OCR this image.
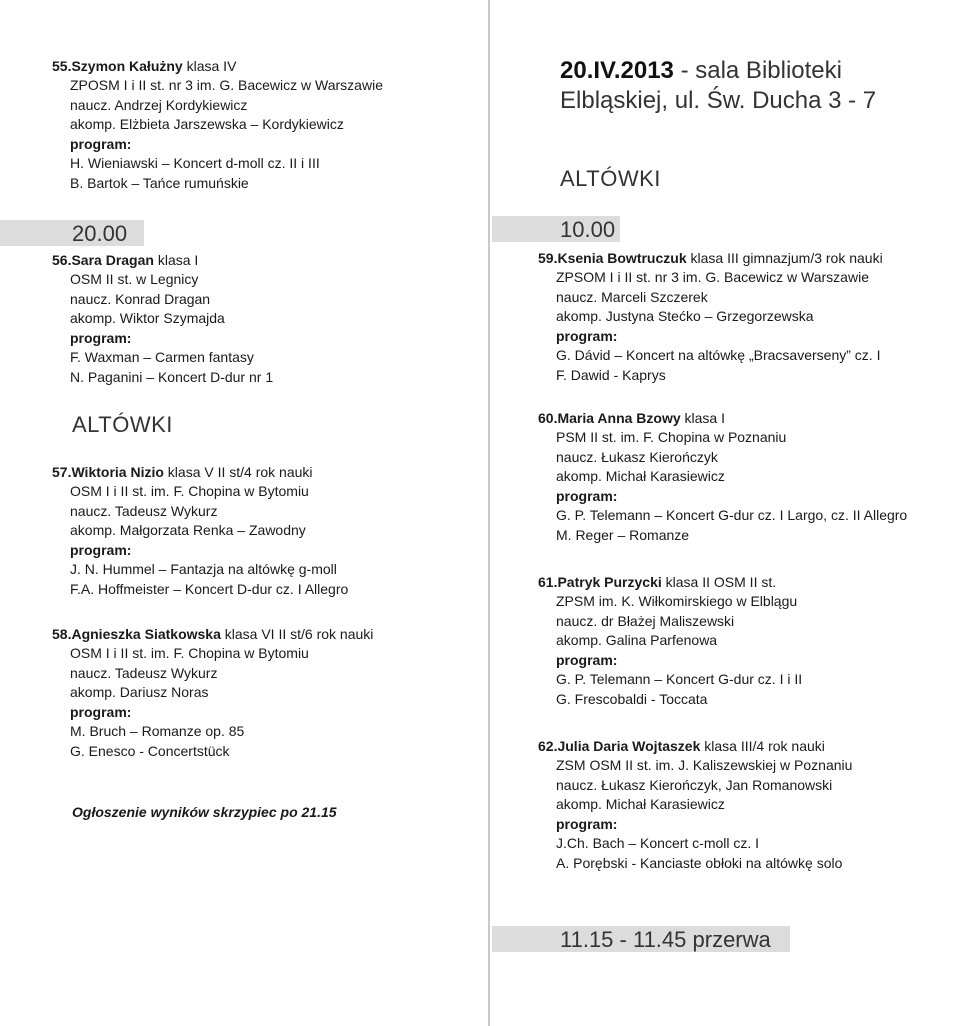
55.Szymon Kałużny klasa IV
ZPOSM I i II st. nr 3 im. G. Bacewicz w Warszawie
naucz. Andrzej Kordykiewicz
akomp. Elżbieta Jarszewska – Kordykiewicz
program:
H. Wieniawski – Koncert d-moll cz. II i III
B. Bartok – Tańce rumuńskie
20.00
56.Sara Dragan klasa I
OSM II st. w Legnicy
naucz. Konrad Dragan
akomp. Wiktor Szymajda
program:
F. Waxman – Carmen fantasy
N. Paganini – Koncert D-dur nr 1
ALTÓWKI
57.Wiktoria Nizio klasa V II st/4 rok nauki
OSM I i II st. im. F. Chopina w Bytomiu
naucz. Tadeusz Wykurz
akomp. Małgorzata Renka – Zawodny
program:
J. N. Hummel – Fantazja na altówkę g-moll
F.A. Hoffmeister – Koncert D-dur cz. I Allegro
58.Agnieszka Siatkowska klasa VI II st/6 rok nauki
OSM I i II st. im. F. Chopina w Bytomiu
naucz. Tadeusz Wykurz
akomp. Dariusz Noras
program:
M. Bruch – Romanze op. 85
G. Enesco - Concertstück
Ogłoszenie wyników skrzypiec po 21.15
20.IV.2013 - sala Biblioteki
Elbląskiej, ul. Św. Ducha 3 - 7
ALTÓWKI
10.00
59.Ksenia Bowtruczuk klasa III gimnazjum/3 rok nauki
ZPSOM I i II st. nr 3 im. G. Bacewicz w Warszawie
naucz. Marceli Szczerek
akomp. Justyna Stećko – Grzegorzewska
program:
G. Dávid – Koncert na altówkę „Bracsaverseny” cz. I
F. Dawid - Kaprys
60.Maria Anna Bzowy klasa I
PSM II st. im. F. Chopina w Poznaniu
naucz. Łukasz Kierończyk
akomp. Michał Karasiewicz
program:
G. P. Telemann – Koncert G-dur cz. I Largo, cz. II Allegro
M. Reger – Romanze
61.Patryk Purzycki klasa II OSM II st.
ZPSM im. K. Wiłkomirskiego w Elblągu
naucz. dr Błażej Maliszewski
akomp. Galina Parfenowa
program:
G. P. Telemann – Koncert G-dur cz. I i II
G. Frescobaldi - Toccata
62.Julia Daria Wojtaszek klasa III/4 rok nauki
ZSM OSM II st. im. J. Kaliszewskiej w Poznaniu
naucz. Łukasz Kierończyk, Jan Romanowski
akomp. Michał Karasiewicz
program:
J.Ch. Bach – Koncert c-moll cz. I
A. Porębski - Kanciaste obłoki na altówkę solo
11.15 - 11.45 przerwa
